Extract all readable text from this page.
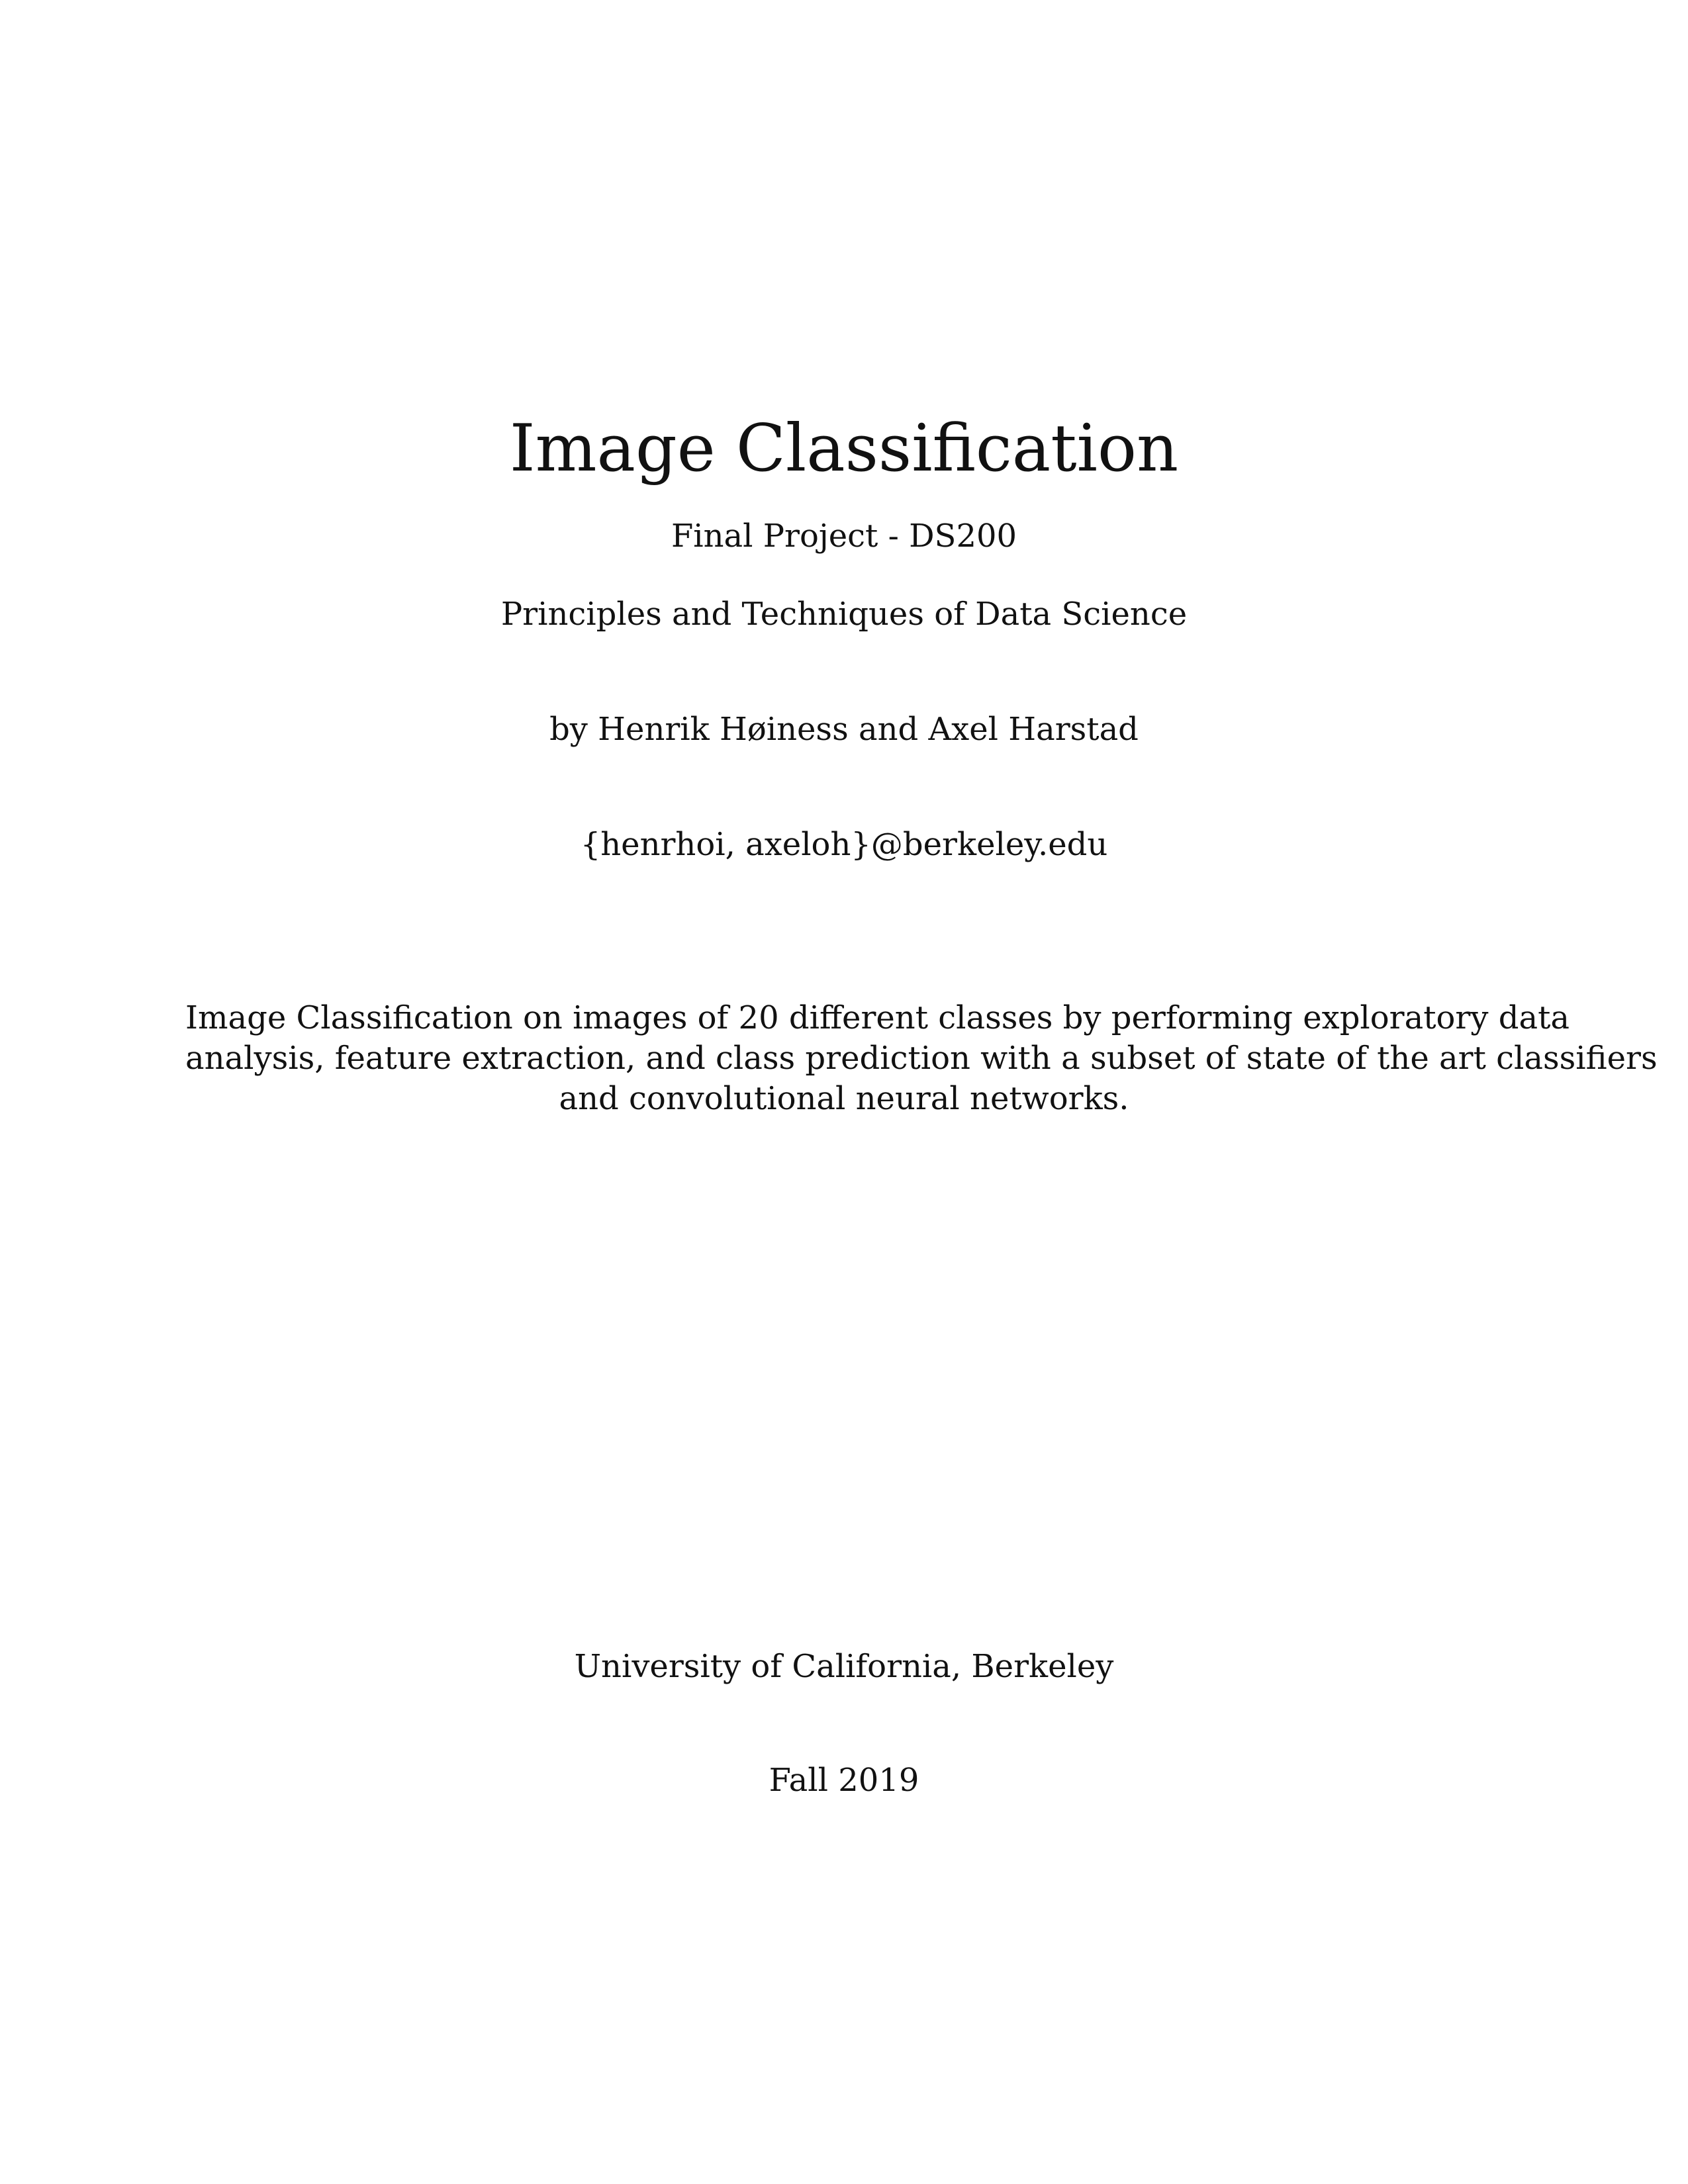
Image Classification
Final Project - DS200
Principles and Techniques of Data Science
by Henrik Høiness and Axel Harstad
{henrhoi, axeloh}@berkeley.edu
Image Classification on images of 20 different classes by performing exploratory data
analysis, feature extraction, and class prediction with a subset of state of the art classifiers
and convolutional neural networks.
University of California, Berkeley
Fall 2019
